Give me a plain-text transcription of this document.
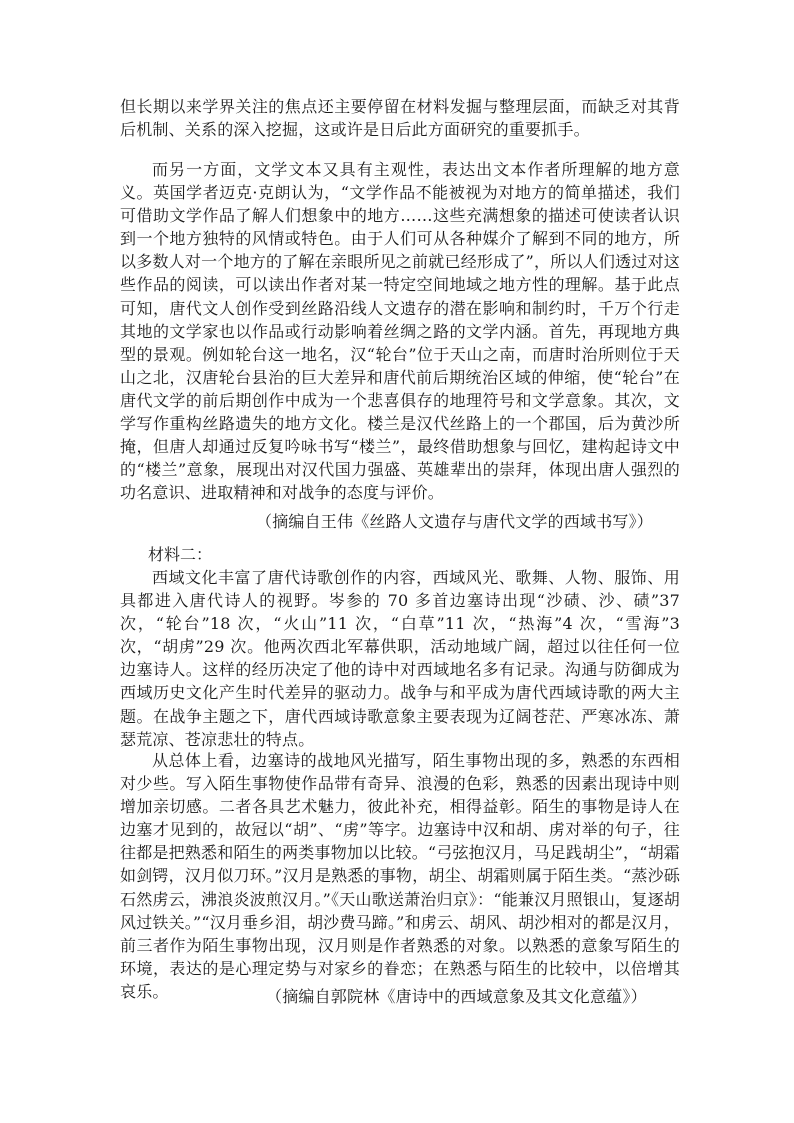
但长期以来学界关注的焦点还主要停留在材料发掘与整理层面，而缺乏对其背后机制、关系的深入挖掘，这或许是日后此方面研究的重要抓手。

而另一方面，文学文本又具有主观性，表达出文本作者所理解的地方意义。英国学者迈克·克朗认为，“文学作品不能被视为对地方的简单描述，我们可借助文学作品了解人们想象中的地方……这些充满想象的描述可使读者认识到一个地方独特的风情或特色。由于人们可从各种媒介了解到不同的地方，所以多数人对一个地方的了解在亲眼所见之前就已经形成了”，所以人们透过对这些作品的阅读，可以读出作者对某一特定空间地域之地方性的理解。基于此点可知，唐代文人创作受到丝路沿线人文遗存的潜在影响和制约时，千万个行走其地的文学家也以作品或行动影响着丝绸之路的文学内涵。首先，再现地方典型的景观。例如轮台这一地名，汉“轮台”位于天山之南，而唐时治所则位于天山之北，汉唐轮台县治的巨大差异和唐代前后期统治区域的伸缩，使“轮台”在唐代文学的前后期创作中成为一个悲喜俱存的地理符号和文学意象。其次，文学写作重构丝路遗失的地方文化。楼兰是汉代丝路上的一个郡国，后为黄沙所掩，但唐人却通过反复吟咏书写“楼兰”，最终借助想象与回忆，建构起诗文中的“楼兰”意象，展现出对汉代国力强盛、英雄辈出的崇拜，体现出唐人强烈的功名意识、进取精神和对战争的态度与评价。

（摘编自王伟《丝路人文遗存与唐代文学的西域书写》）

材料二：

西域文化丰富了唐代诗歌创作的内容，西域风光、歌舞、人物、服饰、用具都进入唐代诗人的视野。岑参的 70 多首边塞诗出现“沙碛、沙、碛”37次，“轮台”18 次，“火山”11 次，“白草”11 次，“热海”4 次，“雪海”3 次，“胡虏”29 次。他两次西北军幕供职，活动地域广阔，超过以往任何一位边塞诗人。这样的经历决定了他的诗中对西域地名多有记录。沟通与防御成为西域历史文化产生时代差异的驱动力。战争与和平成为唐代西域诗歌的两大主题。在战争主题之下，唐代西域诗歌意象主要表现为辽阔苍茫、严寒冰冻、萧瑟荒凉、苍凉悲壮的特点。

从总体上看，边塞诗的战地风光描写，陌生事物出现的多，熟悉的东西相对少些。写入陌生事物使作品带有奇异、浪漫的色彩，熟悉的因素出现诗中则增加亲切感。二者各具艺术魅力，彼此补充，相得益彰。陌生的事物是诗人在边塞才见到的，故冠以“胡”、“虏”等字。边塞诗中汉和胡、虏对举的句子，往往都是把熟悉和陌生的两类事物加以比较。“弓弦抱汉月，马足践胡尘”，“胡霜如剑锷，汉月似刀环。”汉月是熟悉的事物，胡尘、胡霜则属于陌生类。“蒸沙砾石然虏云，沸浪炎波煎汉月。”《天山歌送萧治归京》：“能兼汉月照银山，复逐胡风过铁关。”“汉月垂乡泪，胡沙费马蹄。”和虏云、胡风、胡沙相对的都是汉月，前三者作为陌生事物出现，汉月则是作者熟悉的对象。以熟悉的意象写陌生的环境，表达的是心理定势与对家乡的眷恋；在熟悉与陌生的比较中，以倍增其哀乐。	（摘编自郭院林《唐诗中的西域意象及其文化意蕴》）
